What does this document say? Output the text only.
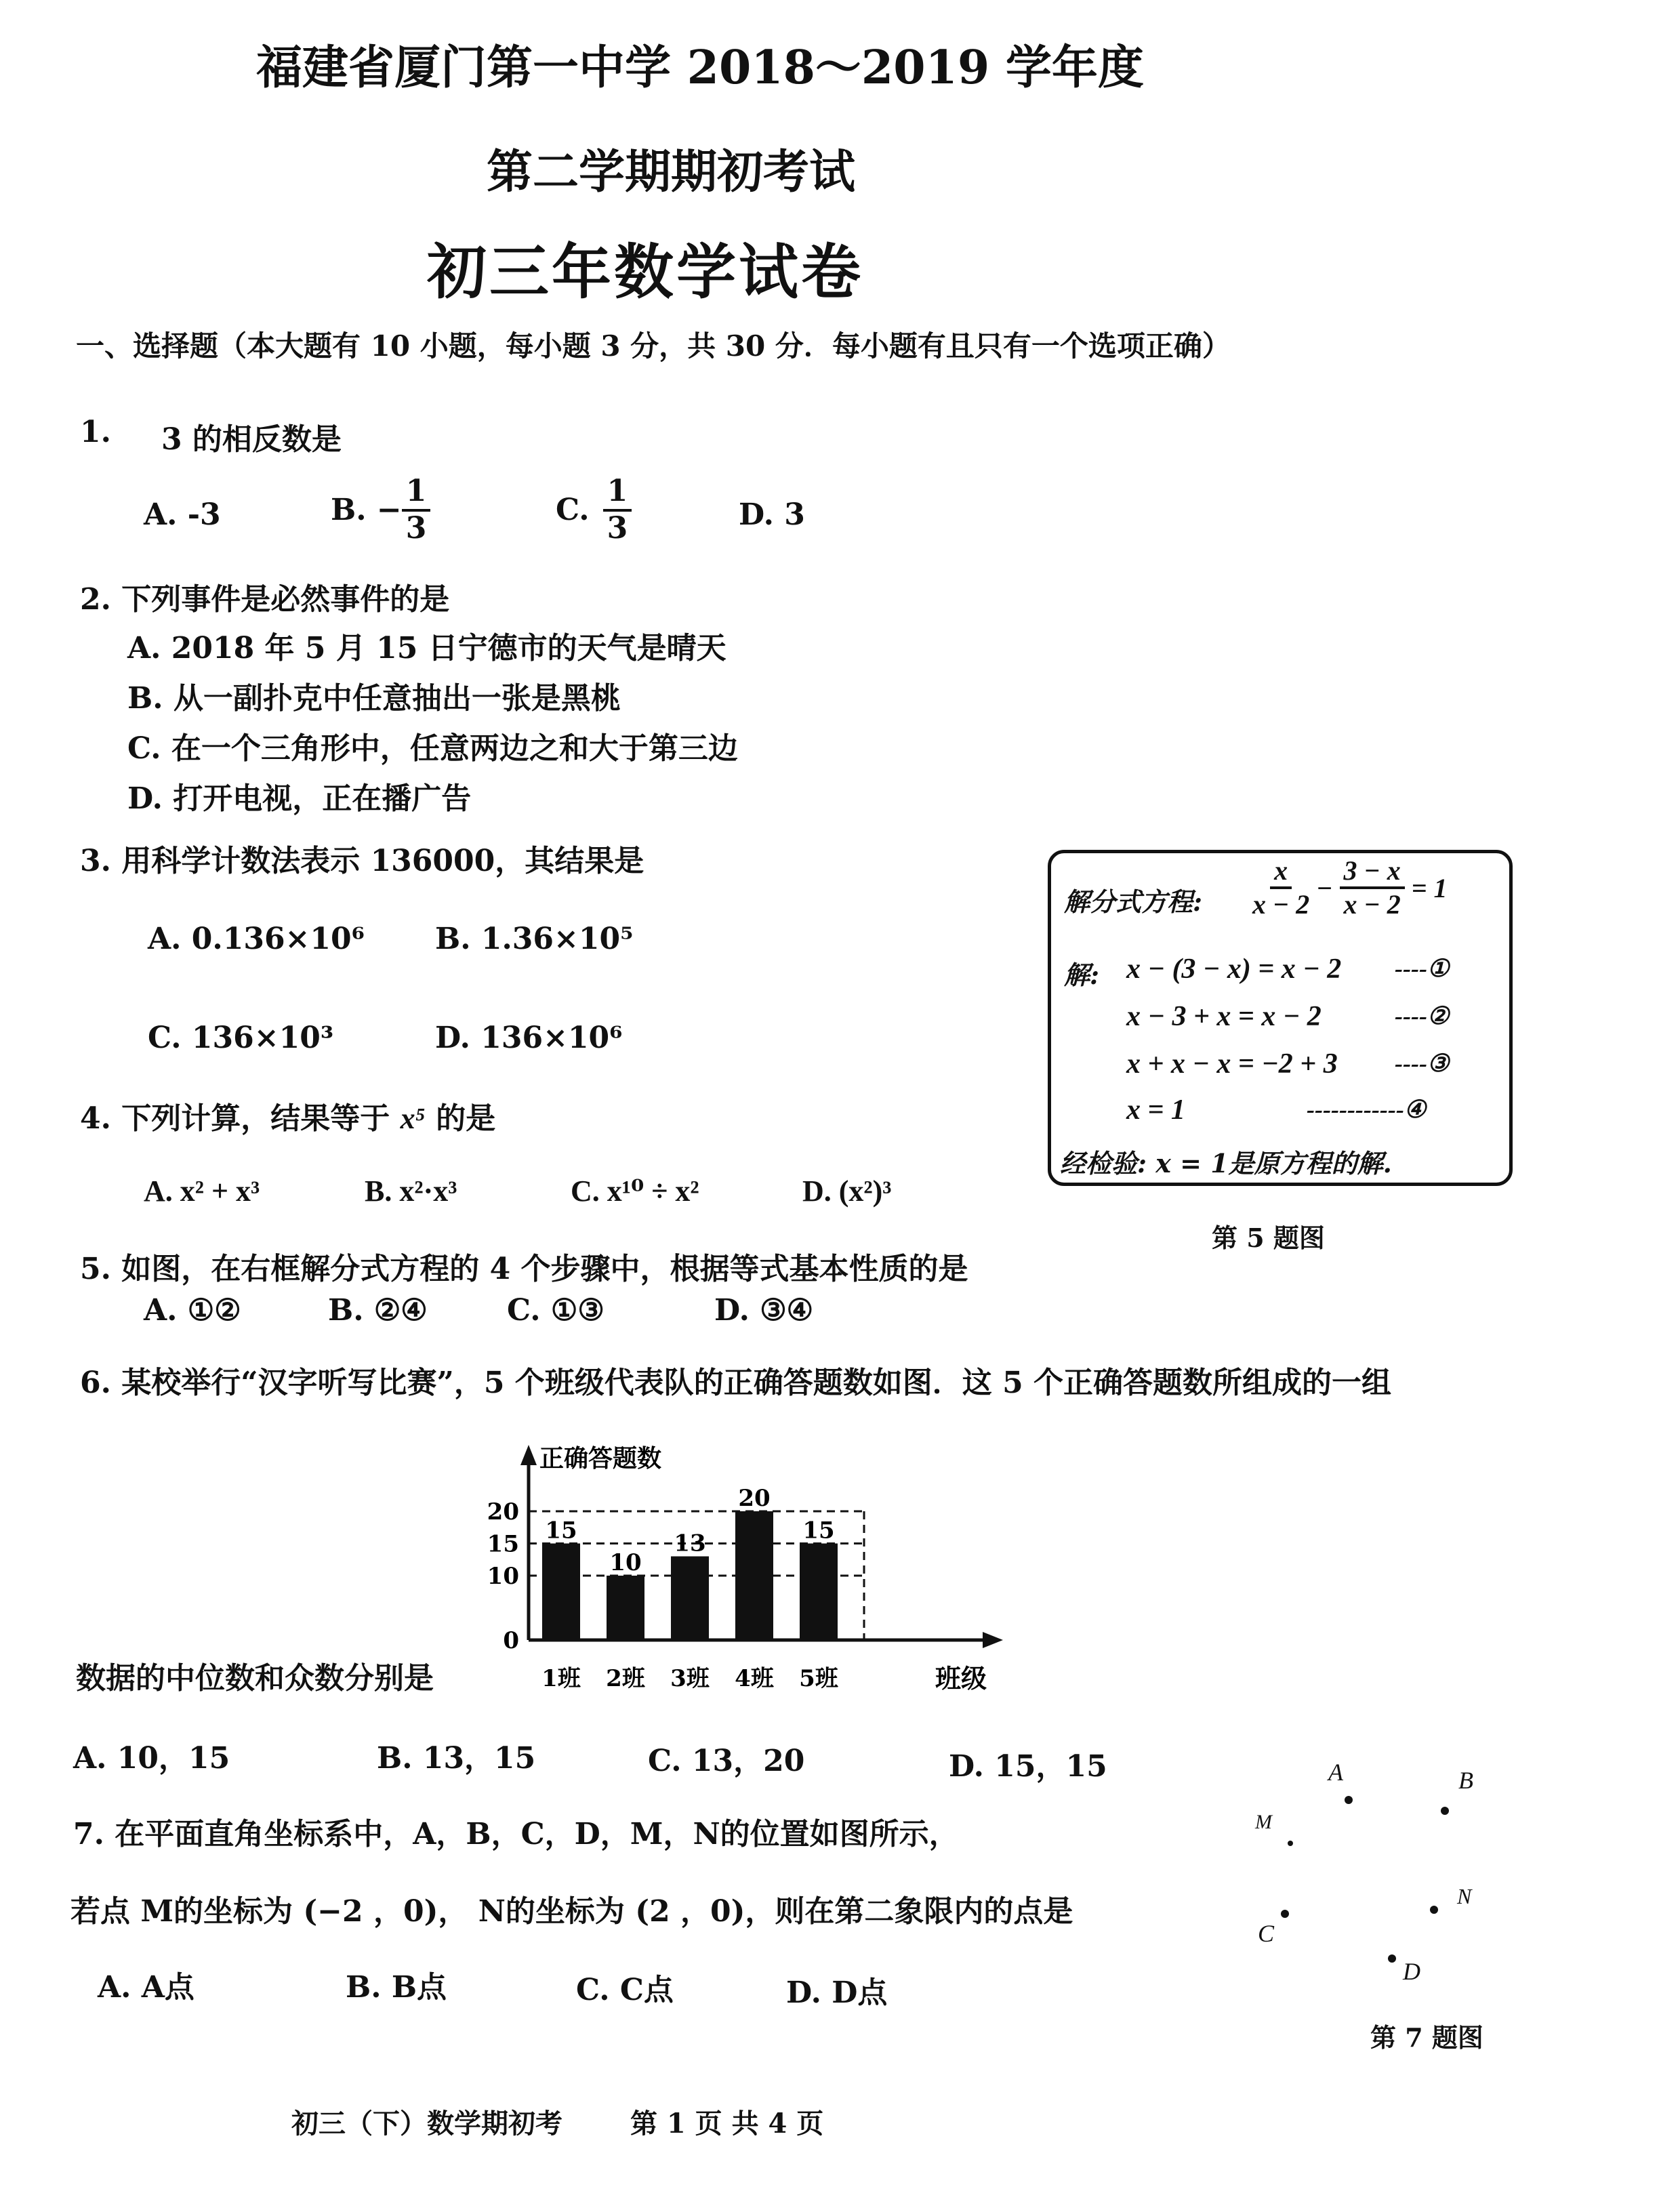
福建省厦门第一中学 2018～2019 学年度
第二学期期初考试
初三年数学试卷
一、选择题（本大题有 10 小题，每小题 3 分，共 30 分．每小题有且只有一个选项正确）
1. 3 的相反数是
A. -3	B. − $\frac{1}{3}$	C. $\frac{1}{3}$	D. 3
2. 下列事件是必然事件的是
A. 2018 年 5 月 15 日宁德市的天气是晴天
B. 从一副扑克中任意抽出一张是黑桃
C. 在一个三角形中，任意两边之和大于第三边
D. 打开电视，正在播广告
3. 用科学计数法表示 136000，其结果是
A. 0.136×10⁶ B. 1.36×10⁵
C. 136×10³	D. 136×10⁶
4. 下列计算，结果等于 x⁵ 的是
A. x² + x³	B. x²·x³	C. x¹⁰ ÷ x²	D. (x²)³
解分式方程: $\frac{x}{x - 2} - \frac{3 - x}{x - 2} = 1$
解: x − (3 − x) = x − 2 ----①
x − 3 + x = x − 2	----②
x + x − x = −2 + 3 ----③
x = 1	------------④
经检验: x = 1是原方程的解.
第 5 题图
5. 如图，在右框解分式方程的 4 个步骤中，根据等式基本性质的是
A. ①②	B. ②④	C. ①③	D. ③④
6. 某校举行“汉字听写比赛”，5 个班级代表队的正确答题数如图．这 5 个正确答题数所组成的一组
正确答题数
班级
0
10
15
20
15
1班
10
2班
13
3班
20
4班
15
5班
数据的中位数和众数分别是
A. 10，15	B. 13，15	C. 13，20	D. 15，15
7. 在平面直角坐标系中，A，B，C，D，M，N的位置如图所示，
若点 M的坐标为 (−2 ，0)， N的坐标为 (2 ，0)，则在第二象限内的点是
A. A点	B. B点	C. C点	D. D点
A	B
M
N
C
D
第 7 题图
初三（下）数学期初考	第 1 页 共 4 页
